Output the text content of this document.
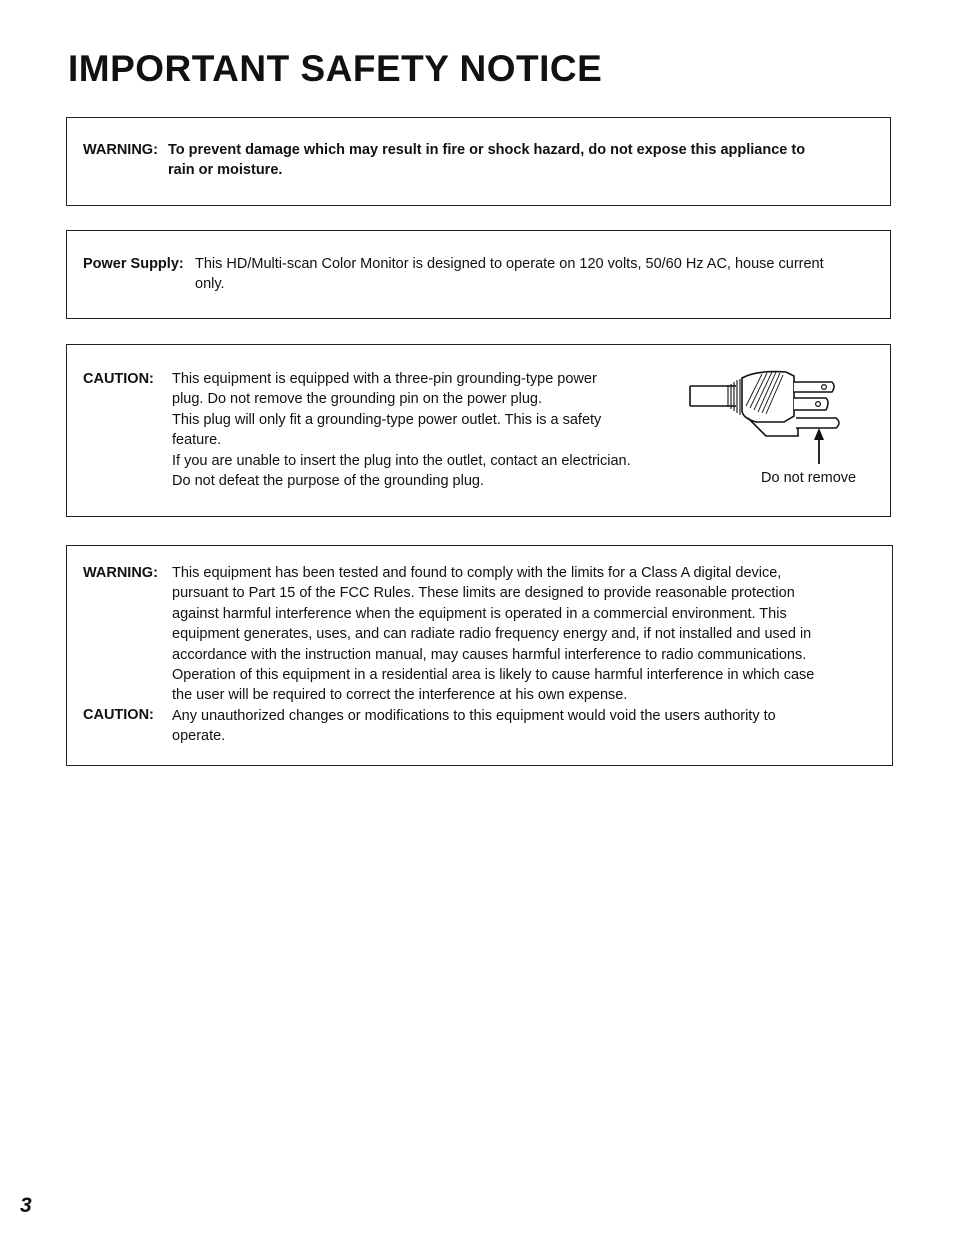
IMPORTANT SAFETY NOTICE
WARNING: To prevent damage which may result in fire or shock hazard, do not expose this appliance to
rain or moisture.
Power Supply: This HD/Multi-scan Color Monitor is designed to operate on 120 volts, 50/60 Hz AC, house current
only.
CAUTION: This equipment is equipped with a three-pin grounding-type power
plug. Do not remove the grounding pin on the power plug.
This plug will only fit a grounding-type power outlet. This is a safety
feature.
If you are unable to insert the plug into the outlet, contact an electrician.
Do not defeat the purpose of the grounding plug.	Do not remove
WARNING: This equipment has been tested and found to comply with the limits for a Class A digital device,
pursuant to Part 15 of the FCC Rules. These limits are designed to provide reasonable protection
against harmful interference when the equipment is operated in a commercial environment. This
equipment generates, uses, and can radiate radio frequency energy and, if not installed and used in
accordance with the instruction manual, may causes harmful interference to radio communications.
Operation of this equipment in a residential area is likely to cause harmful interference in which case
the user will be required to correct the interference at his own expense.
Any unauthorized changes or modifications to this equipment would void the users authority to
operate.
CAUTION:
3
